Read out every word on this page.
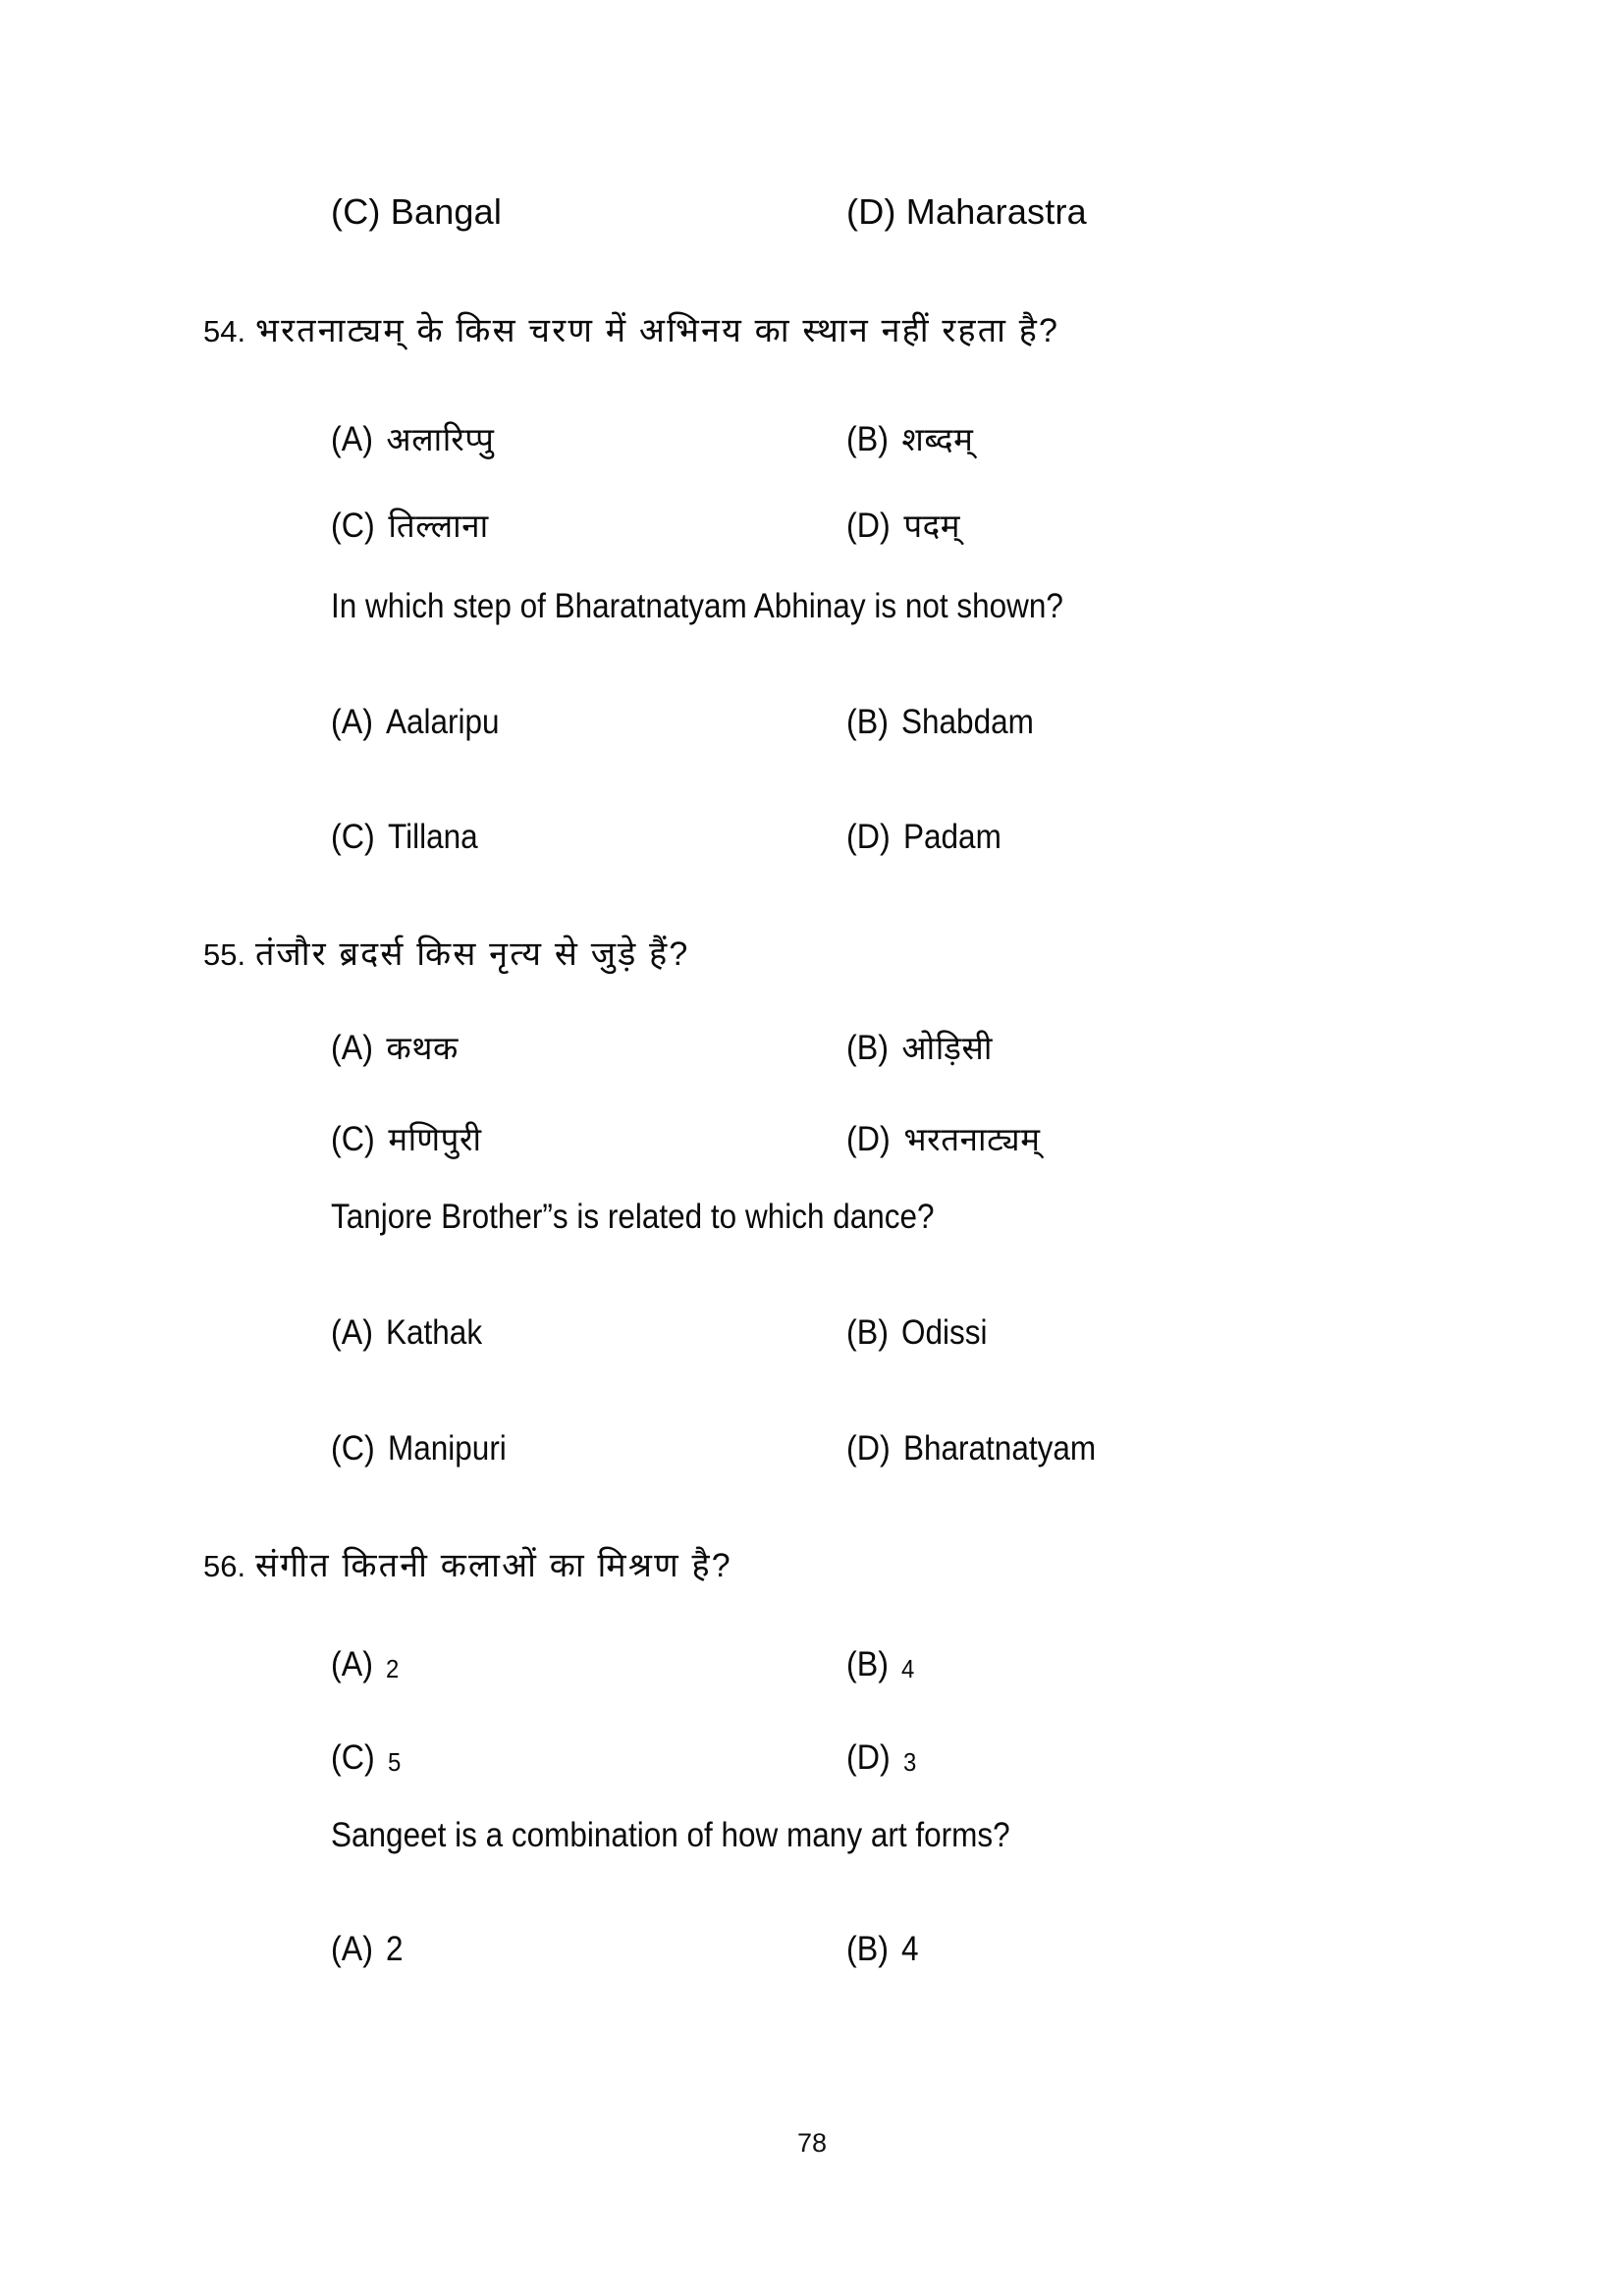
(C) Bangal	(D) Maharastra
54. भरतनाट्यम् के किस चरण में अभिनय का स्थान नहीं रहता है?
(A) अलारिप्पु	(B) शब्दम्
(C) तिल्लाना	(D) पदम्
In which step of Bharatnatyam Abhinay is not shown?
(A) Aalaripu	(B) Shabdam
(C) Tillana	(D) Padam
55. तंजौर ब्रदर्स किस नृत्य से जुड़े हैं?
(A) कथक	(B) ओड़िसी
(C) मणिपुरी	(D) भरतनाट्यम्
Tanjore Brother”s is related to which dance?
(A) Kathak	(B) Odissi
(C) Manipuri	(D) Bharatnatyam
56. संगीत कितनी कलाओं का मिश्रण है?
(A) 2	(B) 4
(C) 5	(D) 3
Sangeet is a combination of how many art forms?
(A) 2	(B) 4
78
